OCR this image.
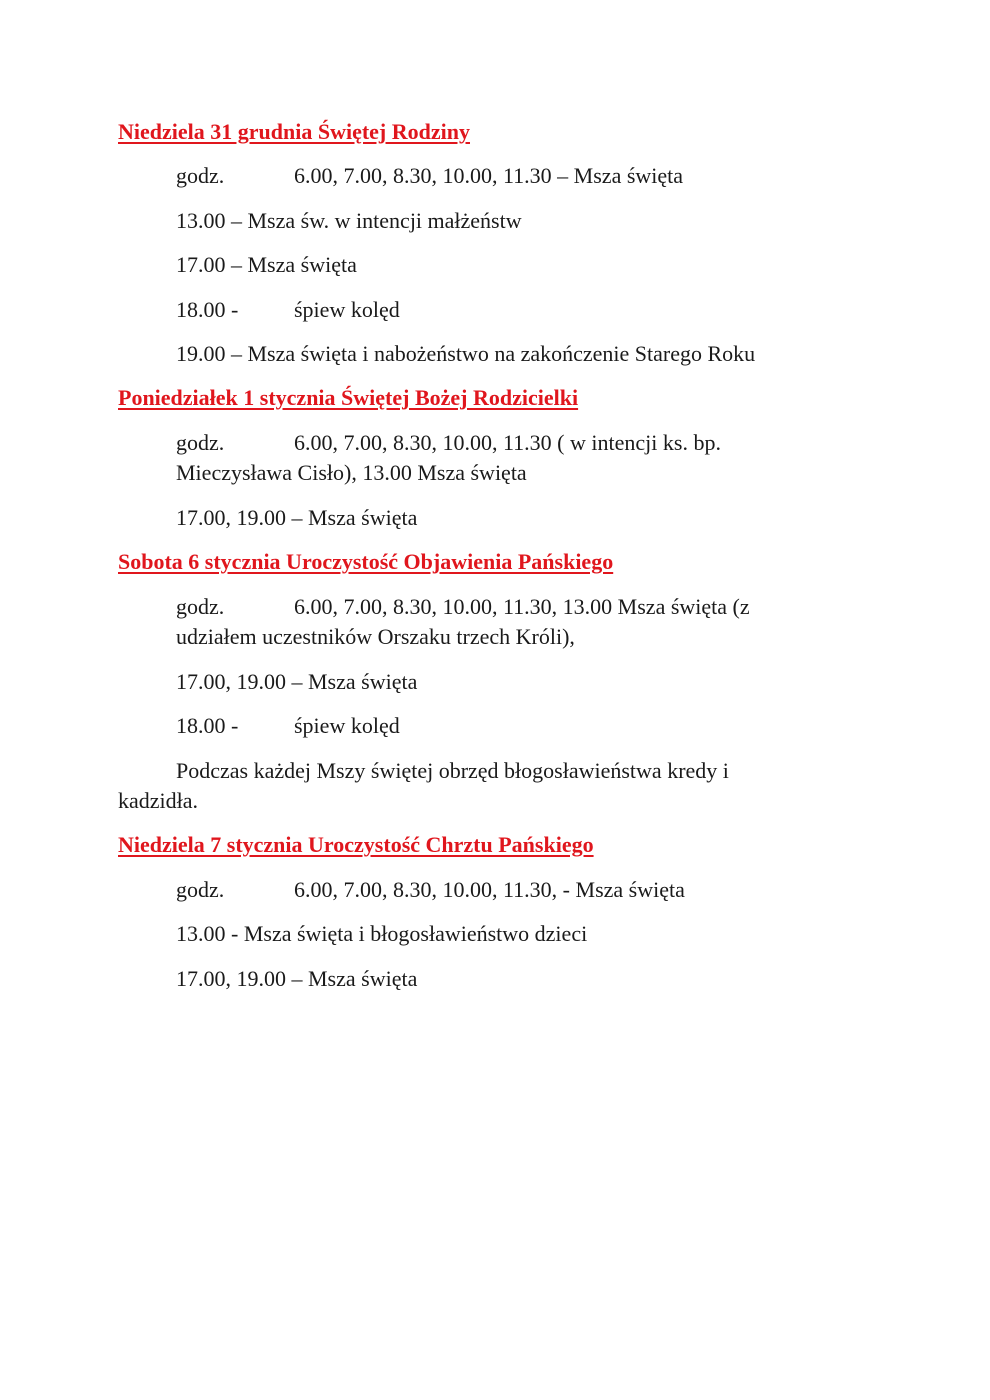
Niedziela 31 grudnia Świętej Rodziny
godz.	6.00, 7.00, 8.30, 10.00, 11.30 – Msza święta
13.00 – Msza św. w intencji małżeństw
17.00 – Msza święta
18.00 -	śpiew kolęd
19.00 – Msza święta i nabożeństwo na zakończenie Starego Roku
Poniedziałek 1 stycznia Świętej Bożej Rodzicielki
godz.	6.00, 7.00, 8.30, 10.00, 11.30 ( w intencji ks. bp.
Mieczysława Cisło), 13.00 Msza święta
17.00, 19.00 – Msza święta
Sobota 6 stycznia Uroczystość Objawienia Pańskiego
godz.	6.00, 7.00, 8.30, 10.00, 11.30, 13.00 Msza święta (z
udziałem uczestników Orszaku trzech Króli),
17.00, 19.00 – Msza święta
18.00 -	śpiew kolęd
Podczas każdej Mszy świętej obrzęd błogosławieństwa kredy i
kadzidła.
Niedziela 7 stycznia Uroczystość Chrztu Pańskiego
godz.	6.00, 7.00, 8.30, 10.00, 11.30, - Msza święta
13.00 - Msza święta i błogosławieństwo dzieci
17.00, 19.00 – Msza święta
